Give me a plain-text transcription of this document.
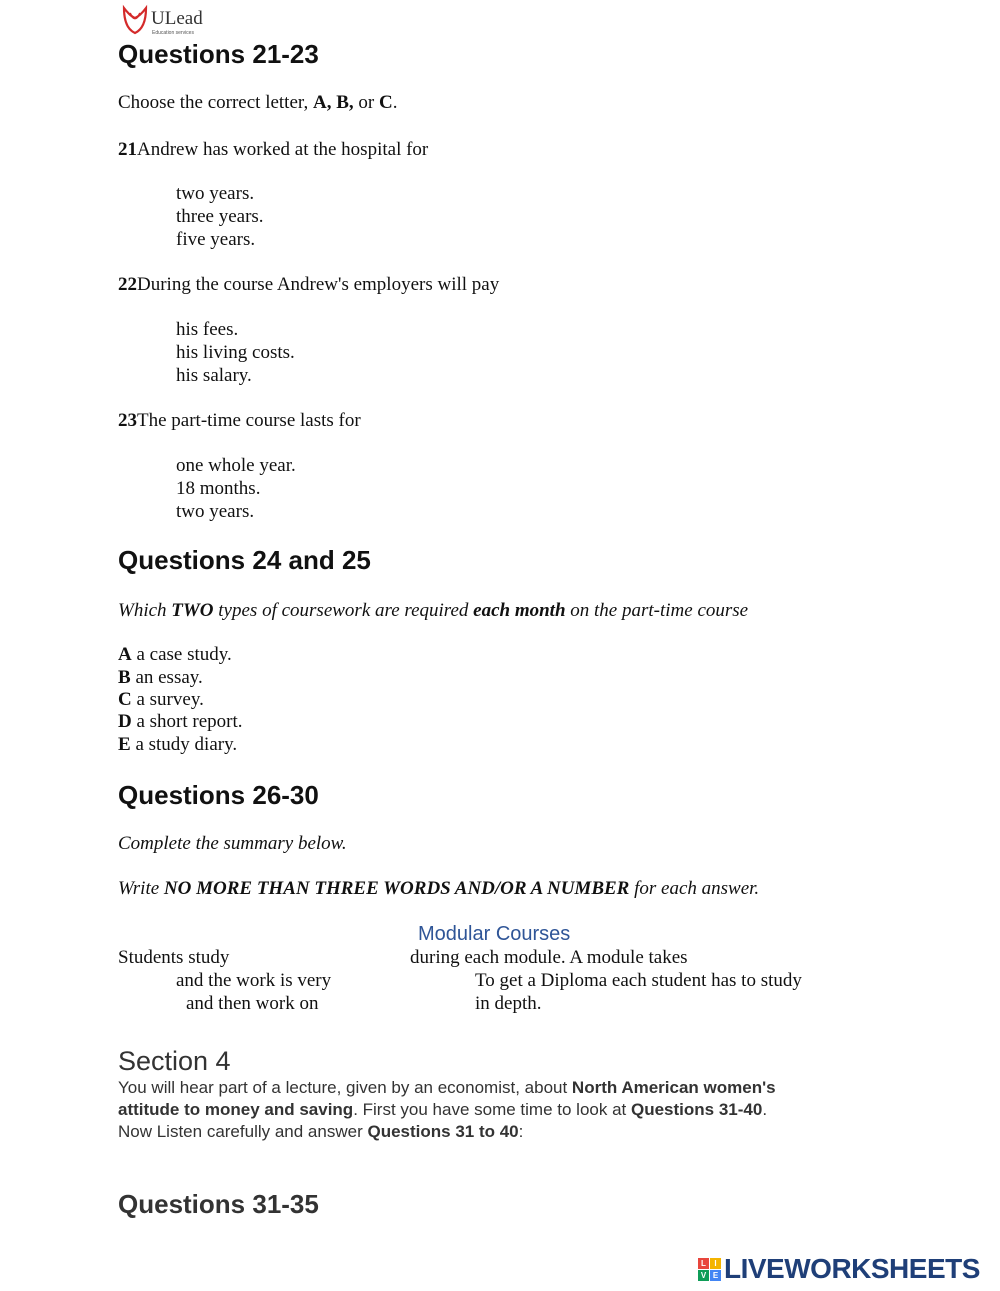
ULead
Education services
Questions 21-23
Choose the correct letter, A, B, or C.
21Andrew has worked at the hospital for
two years.
three years.
five years.
22During the course Andrew's employers will pay
his fees.
his living costs.
his salary.
23The part-time course lasts for
one whole year.
18 months.
two years.
Questions 24 and 25
Which TWO types of coursework are required each month on the part-time course
A a case study.
B an essay.
C a survey.
D a short report.
E a study diary.
Questions 26-30
Complete the summary below.
Write NO MORE THAN THREE WORDS AND/OR A NUMBER for each answer.
Modular Courses
Students study	during each module. A module takes
and the work is very	To get a Diploma each student has to study
and then work on	in depth.
Section 4
You will hear part of a lecture, given by an economist, about North American women's
attitude to money and saving. First you have some time to look at Questions 31-40.
Now Listen carefully and answer Questions 31 to 40:
Questions 31-35
L	I
V E LIVEWORKSHEETS
